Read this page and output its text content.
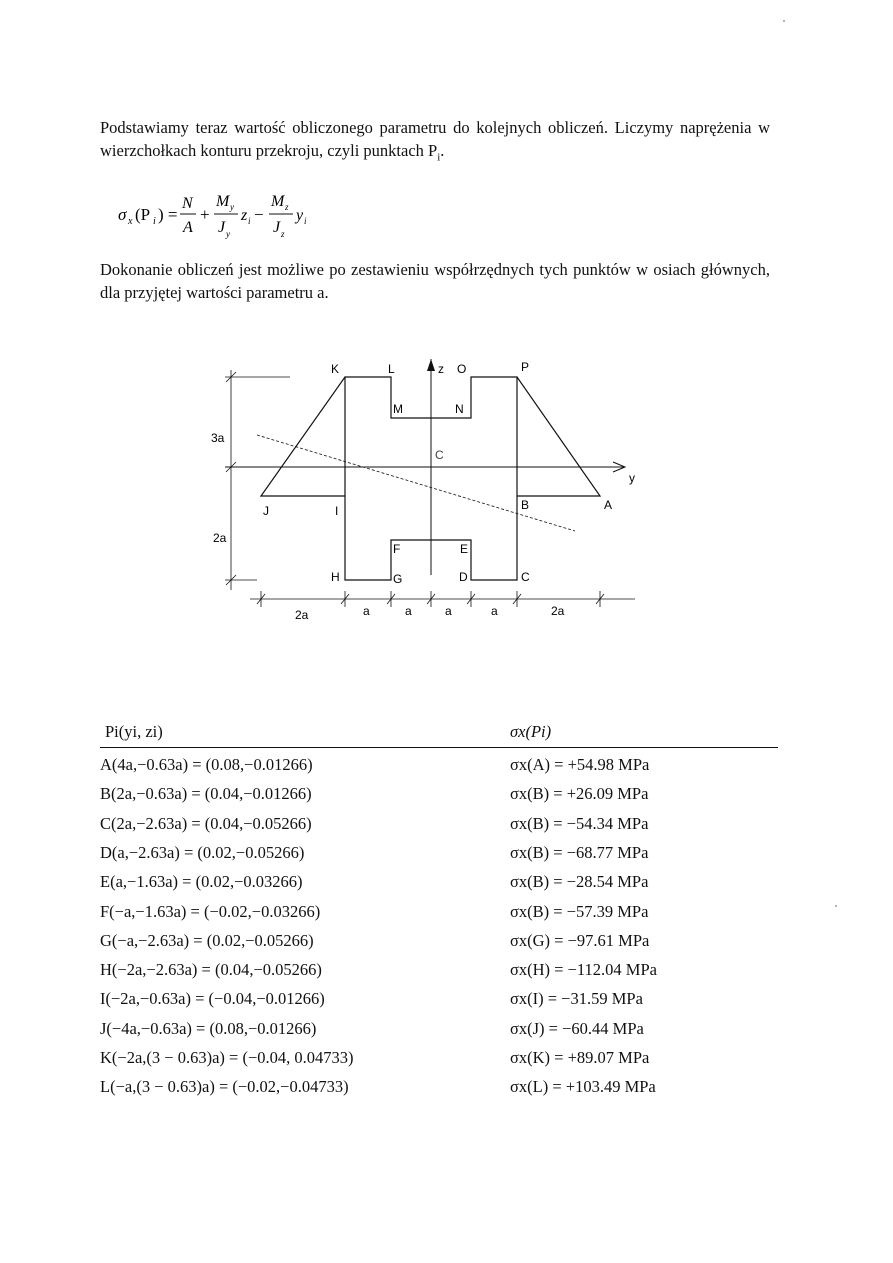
Podstawiamy teraz wartość obliczonego parametru do kolejnych obliczeń. Liczymy naprężenia w wierzchołkach konturu przekroju, czyli punktach $P_i$.
σ x (P i ) =
N
A
+
M y
J y
z i −
M z
J z
y i
Dokonanie obliczeń jest możliwe po zestawieniu współrzędnych tych punktów w osiach głównych, dla przyjętej wartości parametru a.
K	L	z O	P
M	N
C
y
B	A
J	I
F	E
H	G	D	C
3a
2a
2a	a	a	a	a	2a
Pi(yi, zi)	σx(Pi)
A(4a,−0.63a) = (0.08,−0.01266)	σx(A) = +54.98 MPa
B(2a,−0.63a) = (0.04,−0.01266)	σx(B) = +26.09 MPa
C(2a,−2.63a) = (0.04,−0.05266)	σx(B) = −54.34 MPa
D(a,−2.63a) = (0.02,−0.05266)	σx(B) = −68.77 MPa
E(a,−1.63a) = (0.02,−0.03266)	σx(B) = −28.54 MPa
F(−a,−1.63a) = (−0.02,−0.03266)	σx(B) = −57.39 MPa
G(−a,−2.63a) = (0.02,−0.05266)	σx(G) = −97.61 MPa
H(−2a,−2.63a) = (0.04,−0.05266)	σx(H) = −112.04 MPa
I(−2a,−0.63a) = (−0.04,−0.01266)	σx(I) = −31.59 MPa
J(−4a,−0.63a) = (0.08,−0.01266)	σx(J) = −60.44 MPa
K(−2a,(3 − 0.63)a) = (−0.04, 0.04733)	σx(K) = +89.07 MPa
L(−a,(3 − 0.63)a) = (−0.02,−0.04733)	σx(L) = +103.49 MPa
